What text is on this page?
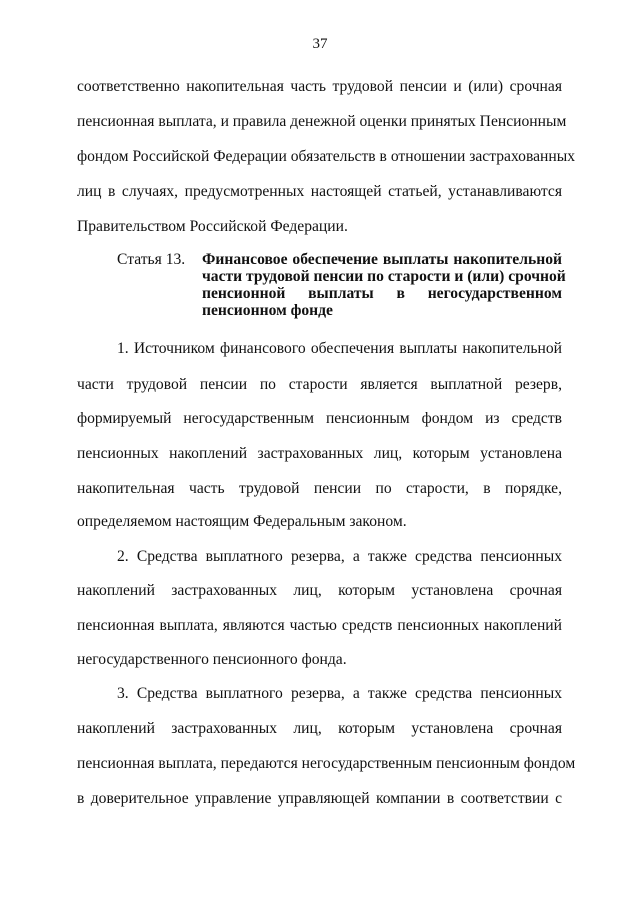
37
соответственно накопительная часть трудовой пенсии и (или) срочная
пенсионная выплата, и правила денежной оценки принятых Пенсионным
фондом Российской Федерации обязательств в отношении застрахованных
лиц в случаях, предусмотренных настоящей статьей, устанавливаются
Правительством Российской Федерации.
Статья 13. Финансовое обеспечение выплаты накопительной
части трудовой пенсии по старости и (или) срочной
пенсионной выплаты в негосударственном
пенсионном фонде
1. Источником финансового обеспечения выплаты накопительной
части трудовой пенсии по старости является выплатной резерв,
формируемый негосударственным пенсионным фондом из средств
пенсионных накоплений застрахованных лиц, которым установлена
накопительная часть трудовой пенсии по старости, в порядке,
определяемом настоящим Федеральным законом.
2. Средства выплатного резерва, а также средства пенсионных
накоплений застрахованных лиц, которым установлена срочная
пенсионная выплата, являются частью средств пенсионных накоплений
негосударственного пенсионного фонда.
3. Средства выплатного резерва, а также средства пенсионных
накоплений застрахованных лиц, которым установлена срочная
пенсионная выплата, передаются негосударственным пенсионным фондом
в доверительное управление управляющей компании в соответствии с
